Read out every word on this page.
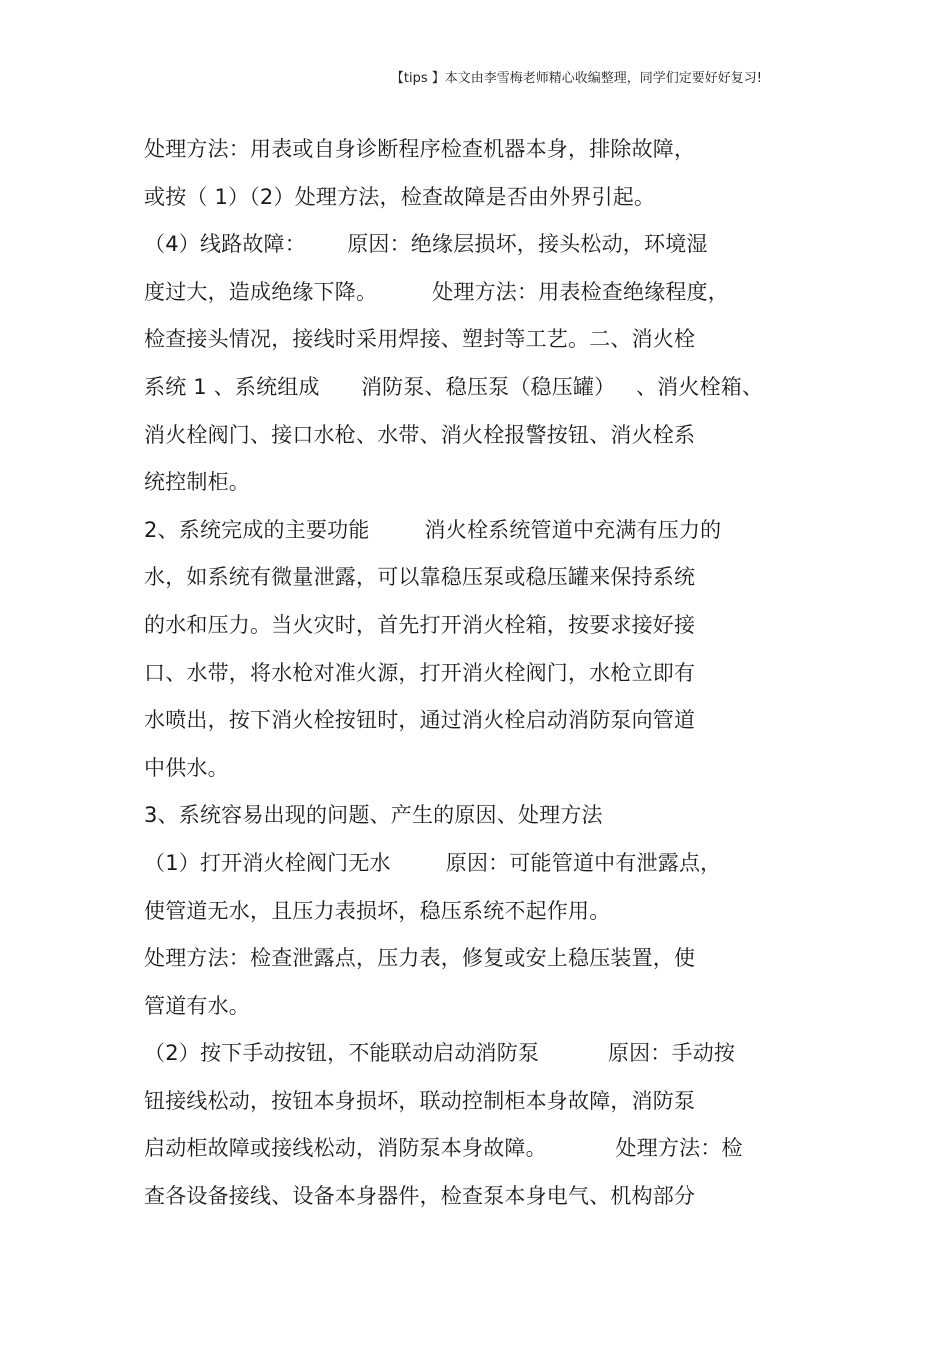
【tips 】本文由李雪梅老师精心收编整理，同学们定要好好复习!
处理方法：用表或自身诊断程序检查机器本身，排除故障，
或按（ 1）（2）处理方法，检查故障是否由外界引起。
（4）线路故障：      原因：绝缘层损坏，接头松动，环境湿
度过大，造成绝缘下降。        处理方法：用表检查绝缘程度，
检查接头情况，接线时采用焊接、塑封等工艺。二、消火栓
系统 1 、系统组成      消防泵、稳压泵（稳压罐）   、消火栓箱、
消火栓阀门、接口水枪、水带、消火栓报警按钮、消火栓系
统控制柜。
2、系统完成的主要功能        消火栓系统管道中充满有压力的
水，如系统有微量泄露，可以靠稳压泵或稳压罐来保持系统
的水和压力。当火灾时，首先打开消火栓箱，按要求接好接
口、水带，将水枪对准火源，打开消火栓阀门，水枪立即有
水喷出，按下消火栓按钮时，通过消火栓启动消防泵向管道
中供水。
3、系统容易出现的问题、产生的原因、处理方法
（1）打开消火栓阀门无水        原因：可能管道中有泄露点，
使管道无水，且压力表损坏，稳压系统不起作用。
处理方法：检查泄露点，压力表，修复或安上稳压装置，使
管道有水。
（2）按下手动按钮，不能联动启动消防泵          原因：手动按
钮接线松动，按钮本身损坏，联动控制柜本身故障，消防泵
启动柜故障或接线松动，消防泵本身故障。          处理方法：检
查各设备接线、设备本身器件，检查泵本身电气、机构部分
